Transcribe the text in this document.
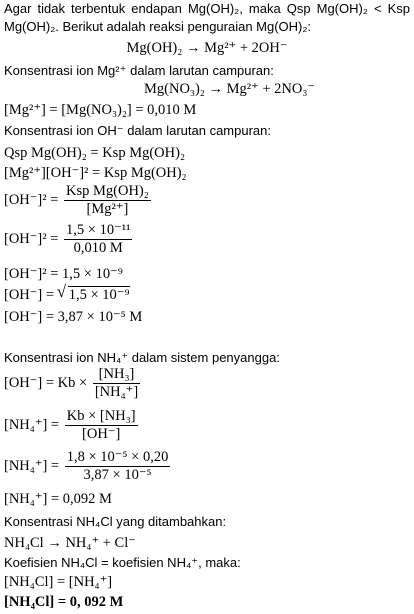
Agar tidak terbentuk endapan Mg(OH)₂, maka Qsp Mg(OH)₂ < Ksp
Mg(OH)₂. Berikut adalah reaksi penguraian Mg(OH)₂:
Mg(OH)₂ → Mg²⁺ + 2OH⁻
Konsentrasi ion Mg²⁺ dalam larutan campuran:
Mg(NO₃)₂ → Mg²⁺ + 2NO₃⁻
[Mg²⁺] = [Mg(NO₃)₂] = 0,010 M
Konsentrasi ion OH⁻ dalam larutan campuran:
Qsp Mg(OH)₂ = Ksp Mg(OH)₂
[Mg²⁺][OH⁻]² = Ksp Mg(OH)₂
$[OH^-]^2 = \frac{\text{Ksp Mg(OH)₂}}{\text{[Mg²⁺]}}$
$[OH^-]^2 = \frac{\text{1,5 × 10⁻¹¹}}{0,010 M}$
[OH⁻]² = 1,5 × 10⁻⁹
[OH⁻] = √ 1,5 × 10⁻⁹
[OH⁻] = 3,87 × 10⁻⁵ M
Konsentrasi ion NH₄⁺ dalam sistem penyangga:
$[OH^-] = Kb \times \frac{\text{[NH₃]}}{\text{[NH₄⁺]}}$
$[NH_4^+] = \frac{\text{Kb × [NH₃]}}{[OH^-]}$
$[NH_4^+] = \frac{\text{1,8 × 10⁻⁵ × 0,20}}{\text{3,87 × 10⁻⁵}}$
[NH₄⁺] = 0,092 M
Konsentrasi NH₄Cl yang ditambahkan:
NH₄Cl → NH₄⁺ + Cl⁻
Koefisien NH₄Cl = koefisien NH₄⁺, maka:
[NH₄Cl] = [NH₄⁺]
[NH₄Cl] = 0, 092 M
